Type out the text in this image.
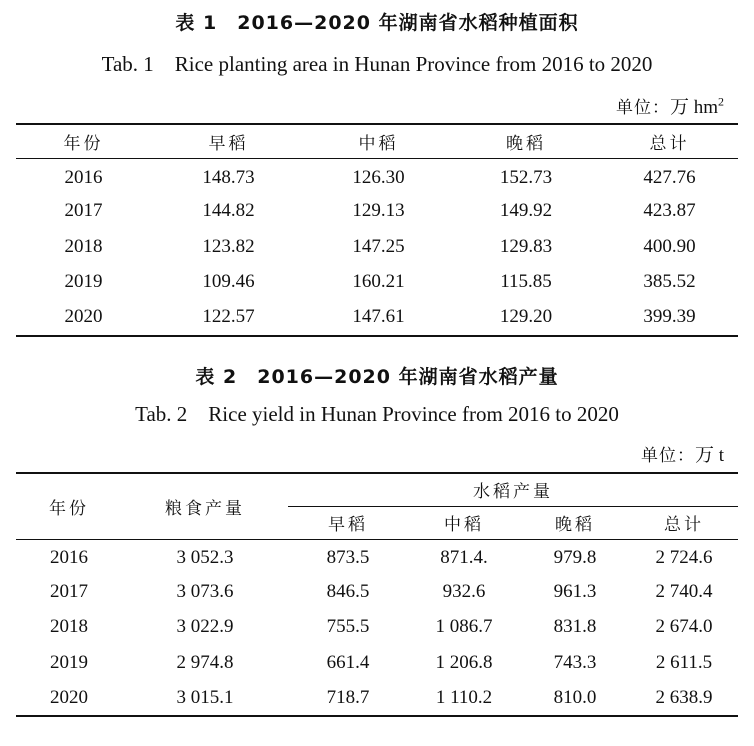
表 1　2016—2020 年湖南省水稻种植面积
Tab. 1　Rice planting area in Hunan Province from 2016 to 2020
单位：万 $hm^2$
年份	早稻	中稻	晚稻	总计
2016	148.73	126.30	152.73	427.76
2017	144.82	129.13	149.92	423.87
2018	123.82	147.25	129.83	400.90
2019	109.46	160.21	115.85	385.52
2020	122.57	147.61	129.20	399.39
表 2　2016—2020 年湖南省水稻产量
Tab. 2　Rice yield in Hunan Province from 2016 to 2020
单位：万 t
年份	粮食产量	水稻产量			
		早稻	中稻	晚稻	总计
2016	3 052.3	873.5	871.4.	979.8	2 724.6
2017	3 073.6	846.5	932.6	961.3	2 740.4
2018	3 022.9	755.5	1 086.7	831.8	2 674.0
2019	2 974.8	661.4	1 206.8	743.3	2 611.5
2020	3 015.1	718.7	1 110.2	810.0	2 638.9
